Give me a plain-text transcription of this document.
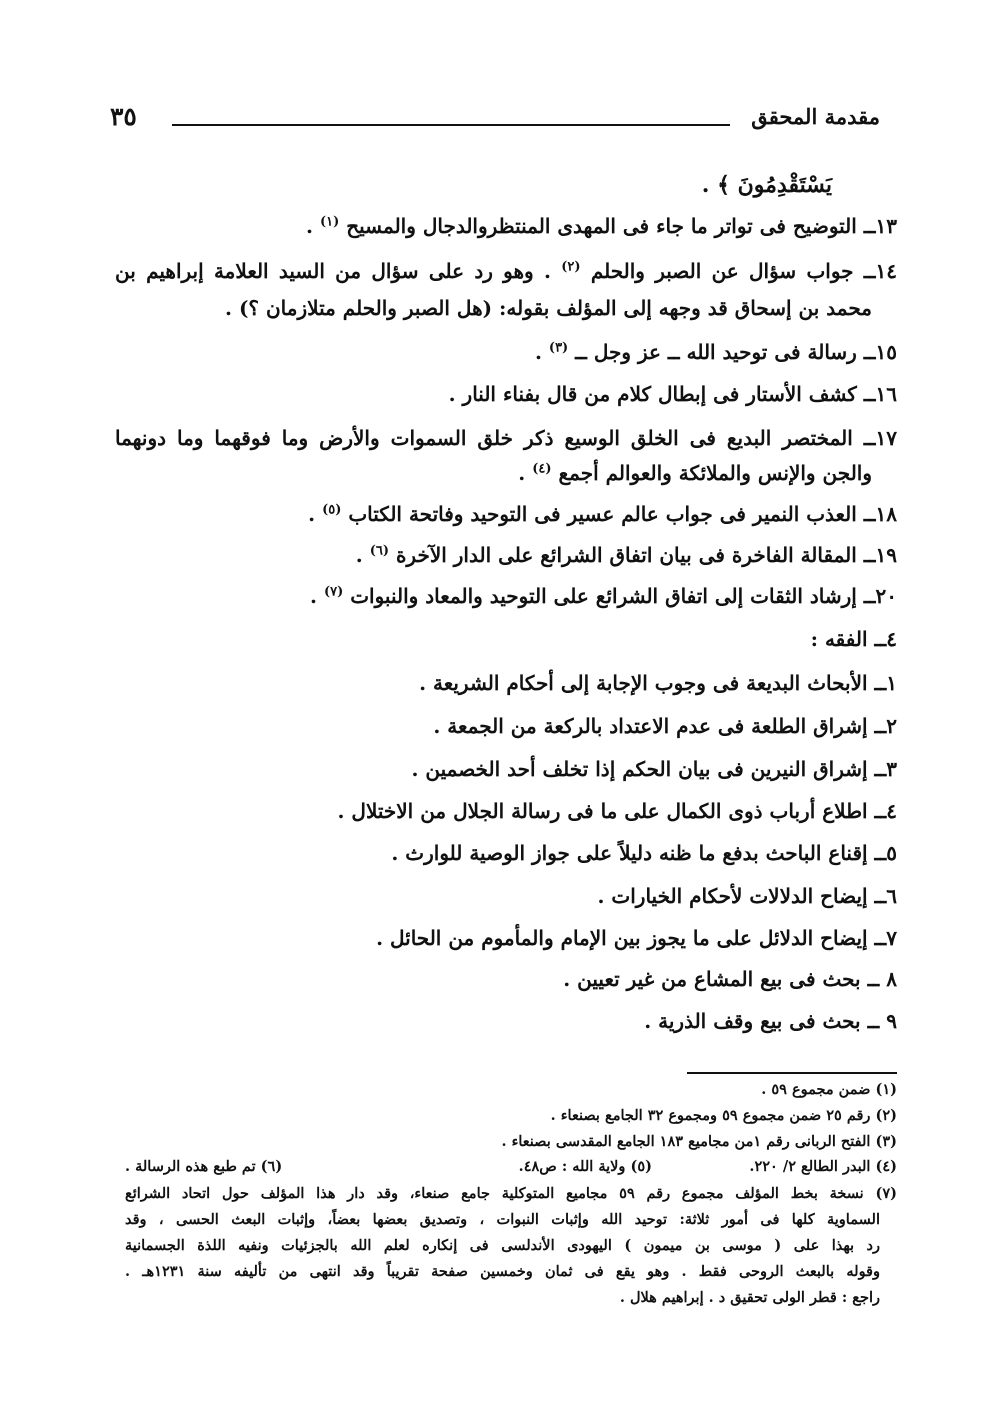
مقدمة المحقق
٣٥
يَسْتَقْدِمُونَ ﴾ .
١٣ــ التوضيح فى تواتر ما جاء فى المهدى المنتظروالدجال والمسيح $^{(١)}$ .
١٤ــ جواب سؤال عن الصبر والحلم $^{(٢)}$ . وهو رد على سؤال من السيد العلامة إبراهيم بن
محمد بن إسحاق قد وجهه إلى المؤلف بقوله: (هل الصبر والحلم متلازمان ؟) .
١٥ــ رسالة فى توحيد الله ــ عز وجل ــ $^{(٣)}$ .
١٦ــ كشف الأستار فى إبطال كلام من قال بفناء النار .
١٧ــ المختصر البديع فى الخلق الوسيع ذكر خلق السموات والأرض وما فوقهما وما دونهما
والجن والإنس والملائكة والعوالم أجمع $^{(٤)}$ .
١٨ــ العذب النمير فى جواب عالم عسير فى التوحيد وفاتحة الكتاب $^{(٥)}$ .
١٩ــ المقالة الفاخرة فى بيان اتفاق الشرائع على الدار الآخرة $^{(٦)}$ .
٢٠ــ إرشاد الثقات إلى اتفاق الشرائع على التوحيد والمعاد والنبوات $^{(٧)}$ .
٤ــ الفقه :
١ــ الأبحاث البديعة فى وجوب الإجابة إلى أحكام الشريعة .
٢ــ إشراق الطلعة فى عدم الاعتداد بالركعة من الجمعة .
٣ــ إشراق النيرين فى بيان الحكم إذا تخلف أحد الخصمين .
٤ــ اطلاع أرباب ذوى الكمال على ما فى رسالة الجلال من الاختلال .
٥ــ إقناع الباحث بدفع ما ظنه دليلاً على جواز الوصية للوارث .
٦ــ إيضاح الدلالات لأحكام الخيارات .
٧ــ إيضاح الدلائل على ما يجوز بين الإمام والمأموم من الحائل .
٨ ــ بحث فى بيع المشاع من غير تعيين .
٩ ــ بحث فى بيع وقف الذرية .
(١) ضمن مجموع ٥٩ .
(٢) رقم ٢٥ ضمن مجموع ٥٩ ومجموع ٣٢ الجامع بصنعاء .
(٣) الفتح الربانى رقم ١من مجاميع ١٨٣ الجامع المقدسى بصنعاء .
(٤) البدر الطالع ٢/ ٢٢٠.
(٥) ولاية الله : ص٤٨.
(٦) تم طبع هذه الرسالة .
(٧) نسخة بخط المؤلف مجموع رقم ٥٩ مجاميع المتوكلية جامع صنعاء، وقد دار هذا المؤلف حول اتحاد الشرائع
السماوية كلها فى أمور ثلاثة: توحيد الله وإثبات النبوات ، وتصديق بعضها بعضاً، وإثبات البعث الحسى ، وقد
رد بهذا على ( موسى بن ميمون ) اليهودى الأندلسى فى إنكاره لعلم الله بالجزئيات ونفيه اللذة الجسمانية
وقوله بالبعث الروحى فقط . وهو يقع فى ثمان وخمسين صفحة تقريباً وقد انتهى من تأليفه سنة ١٢٣١هـ .
راجع : قطر الولى تحقيق د . إبراهيم هلال .
